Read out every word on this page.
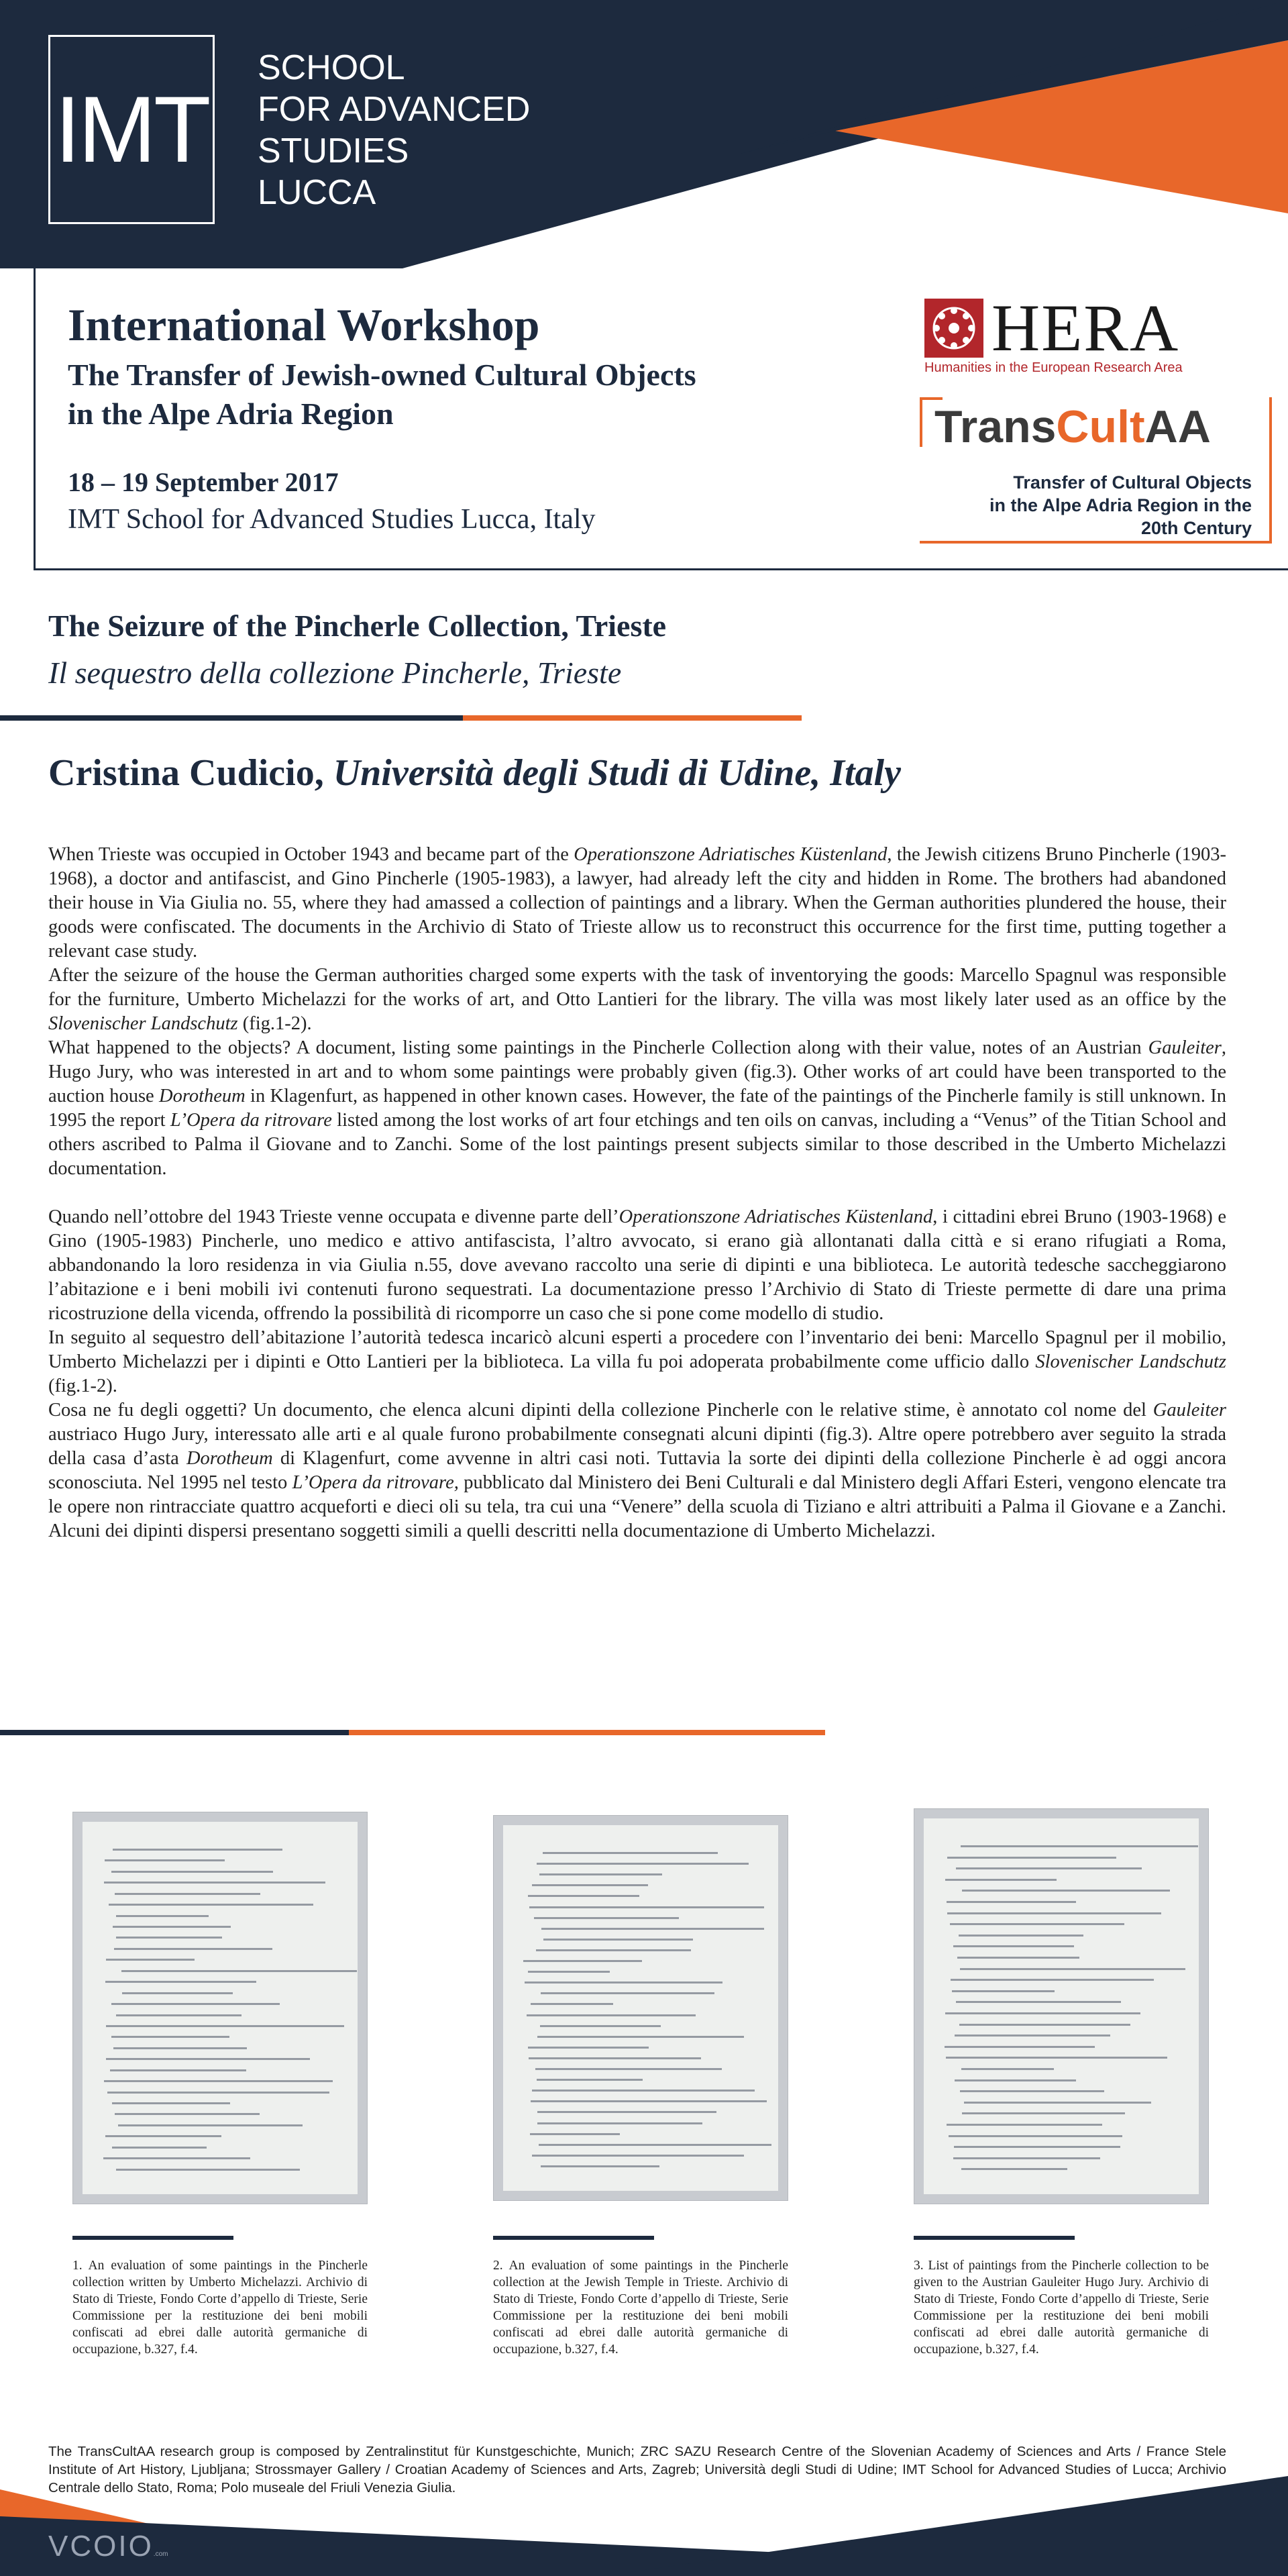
IMT
SCHOOL
FOR ADVANCED
STUDIES
LUCCA
International Workshop
The Transfer of Jewish-owned Cultural Objects
in the Alpe Adria Region
18 – 19 September 2017
IMT School for Advanced Studies Lucca, Italy
HERA
Humanities in the European Research Area
TransCultAA
Transfer of Cultural Objects
in the Alpe Adria Region in the
20th Century
The Seizure of the Pincherle Collection, Trieste
Il sequestro della collezione Pincherle, Trieste
Cristina Cudicio, Università degli Studi di Udine, Italy

When Trieste was occupied in October 1943 and became part of the Operationszone Adriatisches Küstenland, the Jewish citizens Bruno Pincherle (1903-1968), a doctor and antifascist, and Gino Pincherle (1905-1983), a lawyer, had already left the city and hidden in Rome. The brothers had abandoned their house in Via Giulia no. 55, where they had amassed a collection of paintings and a library. When the German authorities plundered the house, their goods were confiscated. The documents in the Archivio di Stato of Trieste allow us to reconstruct this occurrence for the first time, putting together a relevant case study.

After the seizure of the house the German authorities charged some experts with the task of inventorying the goods: Marcello Spagnul was responsible for the furniture, Umberto Michelazzi for the works of art, and Otto Lantieri for the library. The villa was most likely later used as an office by the Slovenischer Landschutz (fig.1-2).

What happened to the objects? A document, listing some paintings in the Pincherle Collection along with their value, notes of an Austrian Gauleiter, Hugo Jury, who was interested in art and to whom some paintings were probably given (fig.3). Other works of art could have been transported to the auction house Dorotheum in Klagenfurt, as happened in other known cases. However, the fate of the paintings of the Pincherle family is still unknown. In 1995 the report L’Opera da ritrovare listed among the lost works of art four etchings and ten oils on canvas, including a “Venus” of the Titian School and others ascribed to Palma il Giovane and to Zanchi. Some of the lost paintings present subjects similar to those described in the Umberto Michelazzi documentation.

Quando nell’ottobre del 1943 Trieste venne occupata e divenne parte dell’Operationszone Adriatisches Küstenland, i cittadini ebrei Bruno (1903-1968) e Gino (1905-1983) Pincherle, uno medico e attivo antifascista, l’altro avvocato, si erano già allontanati dalla città e si erano rifugiati a Roma, abbandonando la loro residenza in via Giulia n.55, dove avevano raccolto una serie di dipinti e una biblioteca. Le autorità tedesche saccheggiarono l’abitazione e i beni mobili ivi contenuti furono sequestrati. La documentazione presso l’Archivio di Stato di Trieste permette di dare una prima ricostruzione della vicenda, offrendo la possibilità di ricomporre un caso che si pone come modello di studio.

In seguito al sequestro dell’abitazione l’autorità tedesca incaricò alcuni esperti a procedere con l’inventario dei beni: Marcello Spagnul per il mobilio, Umberto Michelazzi per i dipinti e Otto Lantieri per la biblioteca. La villa fu poi adoperata probabilmente come ufficio dallo Slovenischer Landschutz (fig.1-2).

Cosa ne fu degli oggetti? Un documento, che elenca alcuni dipinti della collezione Pincherle con le relative stime, è annotato col nome del Gauleiter austriaco Hugo Jury, interessato alle arti e al quale furono probabilmente consegnati alcuni dipinti (fig.3). Altre opere potrebbero aver seguito la strada della casa d’asta Dorotheum di Klagenfurt, come avvenne in altri casi noti. Tuttavia la sorte dei dipinti della collezione Pincherle è ad oggi ancora sconosciuta. Nel 1995 nel testo L’Opera da ritrovare, pubblicato dal Ministero dei Beni Culturali e dal Ministero degli Affari Esteri, vengono elencate tra le opere non rintracciate quattro acqueforti e dieci oli su tela, tra cui una “Venere” della scuola di Tiziano e altri attribuiti a Palma il Giovane e a Zanchi. Alcuni dei dipinti dispersi presentano soggetti simili a quelli descritti nella documentazione di Umberto Michelazzi.

1. An evaluation of some paintings in the Pincherle collection written by Umberto Michelazzi. Archivio di Stato di Trieste, Fondo Corte d’appello di Trieste, Serie Commissione per la restituzione dei beni mobili confiscati ad ebrei dalle autorità germaniche di occupazione, b.327, f.4.
2. An evaluation of some paintings in the Pincherle collection at the Jewish Temple in Trieste. Archivio di Stato di Trieste, Fondo Corte d’appello di Trieste, Serie Commissione per la restituzione dei beni mobili confiscati ad ebrei dalle autorità germaniche di occupazione, b.327, f.4.
3. List of paintings from the Pincherle collection to be given to the Austrian Gauleiter Hugo Jury. Archivio di Stato di Trieste, Fondo Corte d’appello di Trieste, Serie Commissione per la restituzione dei beni mobili confiscati ad ebrei dalle autorità germaniche di occupazione, b.327, f.4.
The TransCultAA research group is composed by Zentralinstitut für Kunstgeschichte, Munich; ZRC SAZU Research Centre of the Slovenian Academy of Sciences and Arts / France Stele Institute of Art History, Ljubljana; Strossmayer Gallery / Croatian Academy of Sciences and Arts, Zagreb; Università degli Studi di Udine; IMT School for Advanced Studies of Lucca; Archivio Centrale dello Stato, Roma; Polo museale del Friuli Venezia Giulia.
VCOIO.com
